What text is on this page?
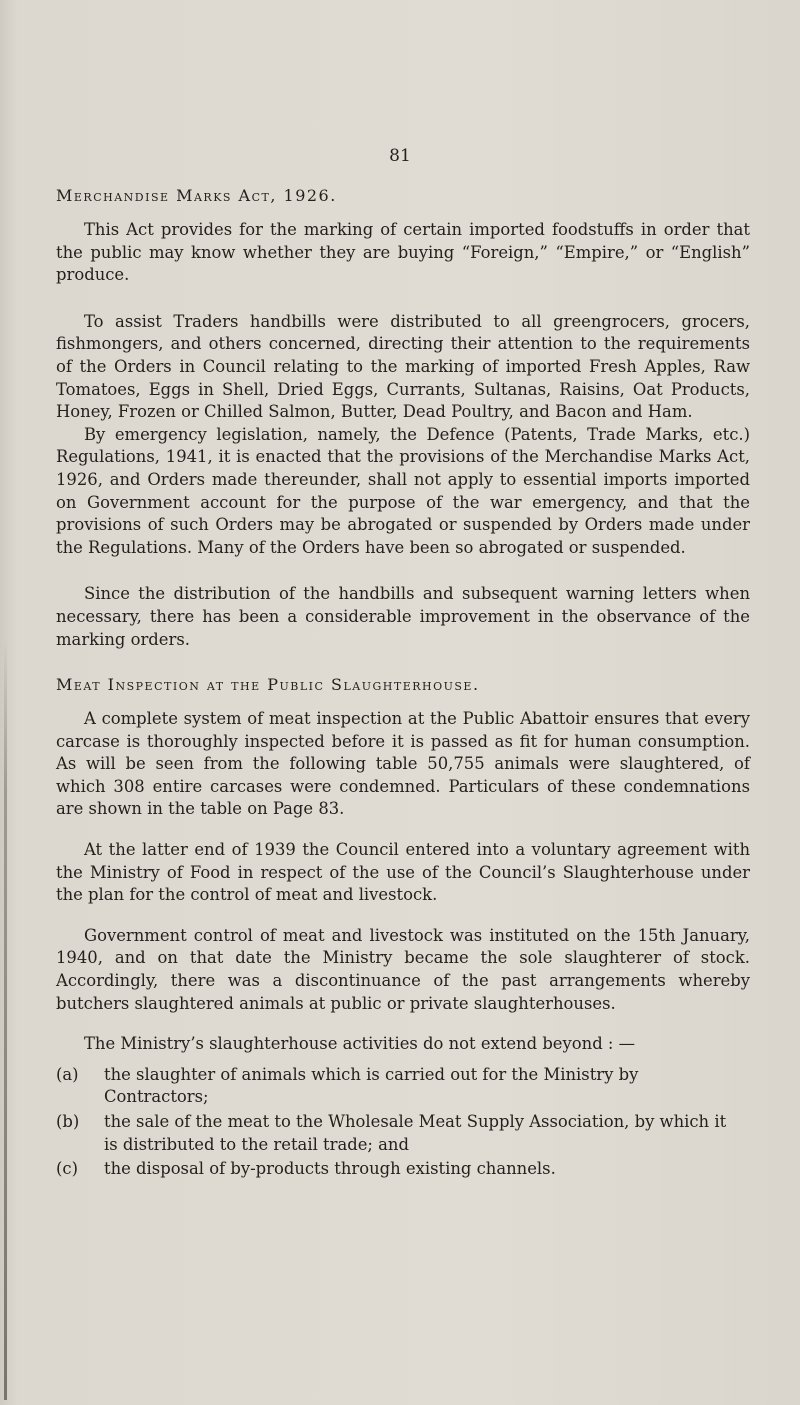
81
Merchandise Marks Act, 1926.

This Act provides for the marking of certain imported foodstuffs in order that the public may know whether they are buying “Foreign,” “Empire,” or “English” produce.

To assist Traders handbills were distributed to all greengrocers, grocers, fishmongers, and others concerned, directing their attention to the requirements of the Orders in Council relating to the marking of imported Fresh Apples, Raw Tomatoes, Eggs in Shell, Dried Eggs, Currants, Sultanas, Raisins, Oat Products, Honey, Frozen or Chilled Salmon, Butter, Dead Poultry, and Bacon and Ham.

By emergency legislation, namely, the Defence (Patents, Trade Marks, etc.) Regulations, 1941, it is enacted that the provisions of the Merchandise Marks Act, 1926, and Orders made thereunder, shall not apply to essential imports imported on Government account for the purpose of the war emergency, and that the provisions of such Orders may be abrogated or suspended by Orders made under the Regulations. Many of the Orders have been so abrogated or suspended.

Since the distribution of the handbills and subsequent warning letters when necessary, there has been a considerable improvement in the observance of the marking orders.

Meat Inspection at the Public Slaughterhouse.

A complete system of meat inspection at the Public Abattoir ensures that every carcase is thoroughly inspected before it is passed as fit for human consumption. As will be seen from the following table 50,755 animals were slaughtered, of which 308 entire carcases were condemned. Particulars of these condemnations are shown in the table on Page 83.

At the latter end of 1939 the Council entered into a voluntary agreement with the Ministry of Food in respect of the use of the Council’s Slaughterhouse under the plan for the control of meat and livestock.

Government control of meat and livestock was instituted on the 15th January, 1940, and on that date the Ministry became the sole slaughterer of stock. Accordingly, there was a discontinuance of the past arrangements whereby butchers slaughtered animals at public or private slaughterhouses.

The Ministry’s slaughterhouse activities do not extend beyond : —

(a)	the slaughter of animals which is carried out for the Ministry by Contractors;
(b)	the sale of the meat to the Wholesale Meat Supply Association, by which it is distributed to the retail trade; and
(c)	the disposal of by-products through existing channels.
